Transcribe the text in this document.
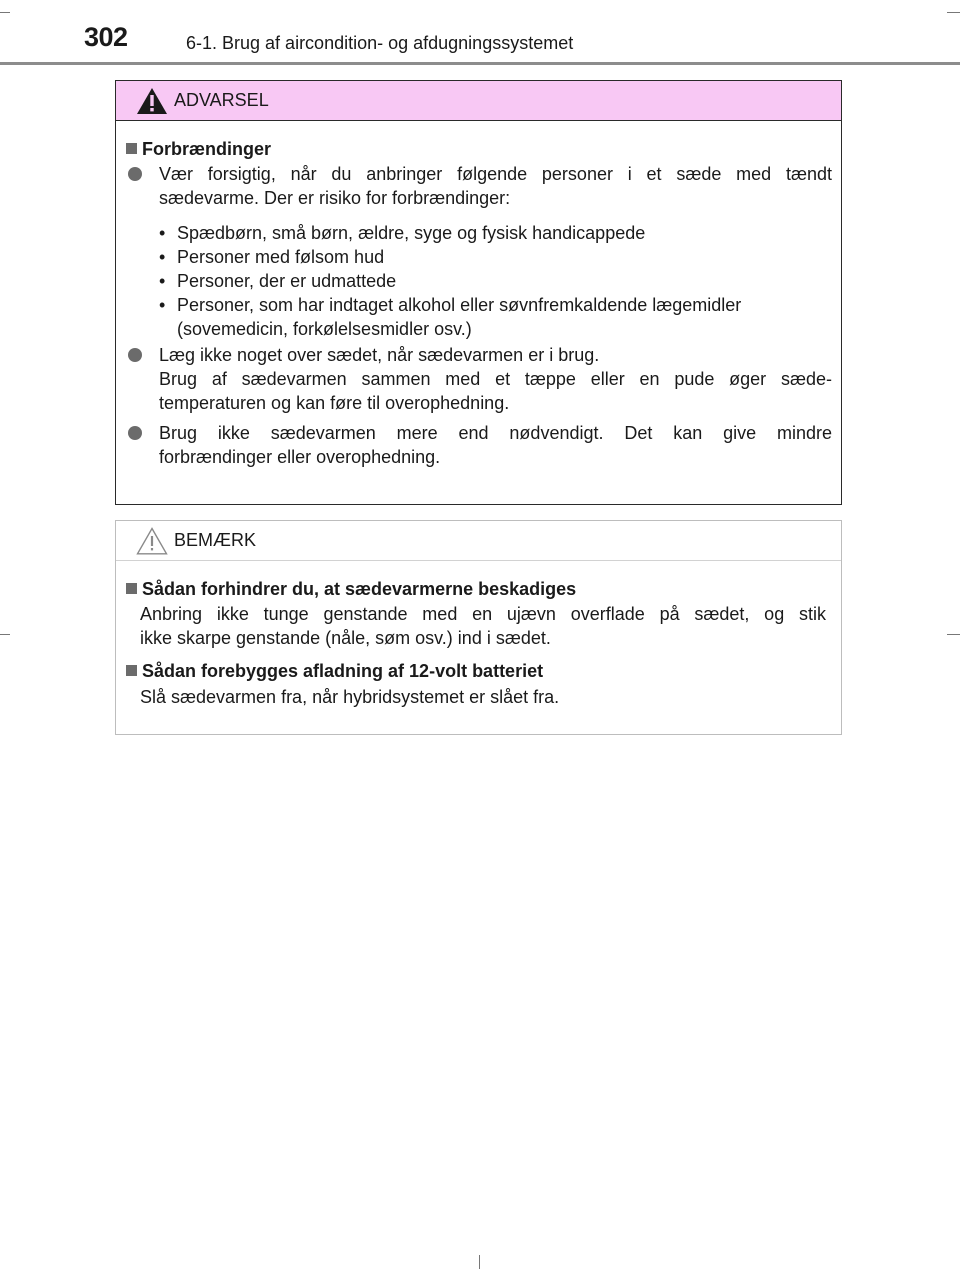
302	6-1. Brug af aircondition- og afdugningssystemet
ADVARSEL
Forbrændinger
Vær forsigtig, når du anbringer følgende personer i et sæde med tændt
sædevarme. Der er risiko for forbrændinger:
• Spædbørn, små børn, ældre, syge og fysisk handicappede
• Personer med følsom hud
• Personer, der er udmattede
• Personer, som har indtaget alkohol eller søvnfremkaldende lægemidler
(sovemedicin, forkølelsesmidler osv.)
Læg ikke noget over sædet, når sædevarmen er i brug.
Brug af sædevarmen sammen med et tæppe eller en pude øger sæde-
temperaturen og kan føre til overophedning.
Brug ikke sædevarmen mere end nødvendigt. Det kan give mindre
forbrændinger eller overophedning.
BEMÆRK
Sådan forhindrer du, at sædevarmerne beskadiges
Anbring ikke tunge genstande med en ujævn overflade på sædet, og stik
ikke skarpe genstande (nåle, søm osv.) ind i sædet.
Sådan forebygges afladning af 12-volt batteriet
Slå sædevarmen fra, når hybridsystemet er slået fra.
